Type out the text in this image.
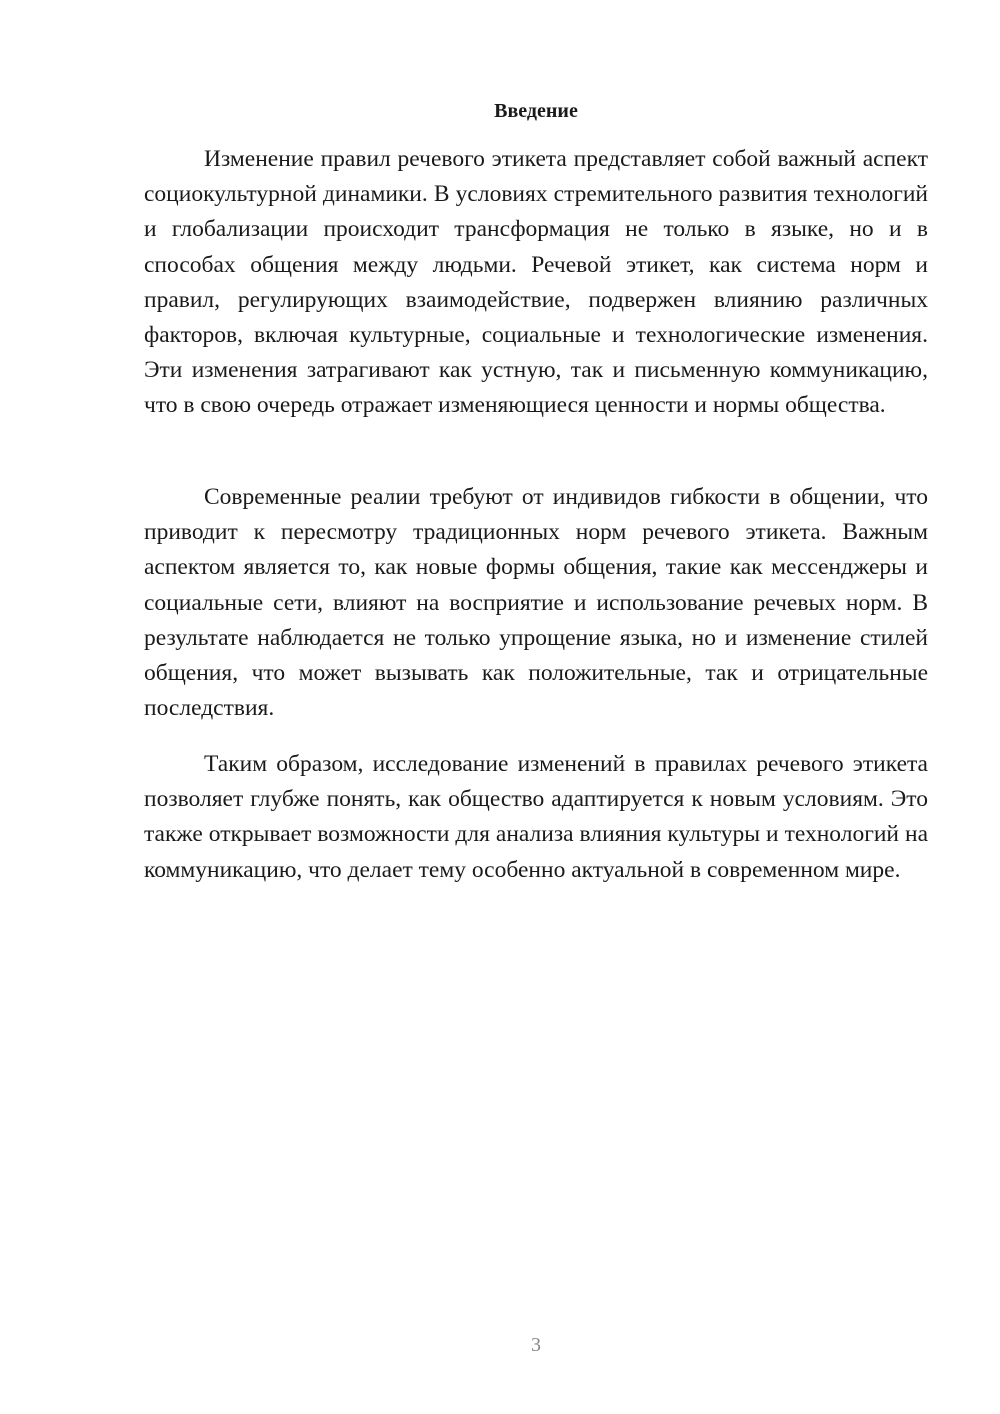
Введение

Изменение правил речевого этикета представляет собой важный аспект социокультурной динамики. В условиях стремительного развития технологий и глобализации происходит трансформация не только в языке, но и в способах общения между людьми. Речевой этикет, как система норм и правил, регулирующих взаимодействие, подвержен влиянию различных факторов, включая культурные, социальные и технологические изменения. Эти изменения затрагивают как устную, так и письменную коммуникацию, что в свою очередь отражает изменяющиеся ценности и нормы общества.

Современные реалии требуют от индивидов гибкости в общении, что приводит к пересмотру традиционных норм речевого этикета. Важным аспектом является то, как новые формы общения, такие как мессенджеры и социальные сети, влияют на восприятие и использование речевых норм. В результате наблюдается не только упрощение языка, но и изменение стилей общения, что может вызывать как положительные, так и отрицательные последствия.

Таким образом, исследование изменений в правилах речевого этикета позволяет глубже понять, как общество адаптируется к новым условиям. Это также открывает возможности для анализа влияния культуры и технологий на коммуникацию, что делает тему особенно актуальной в современном мире.

3
